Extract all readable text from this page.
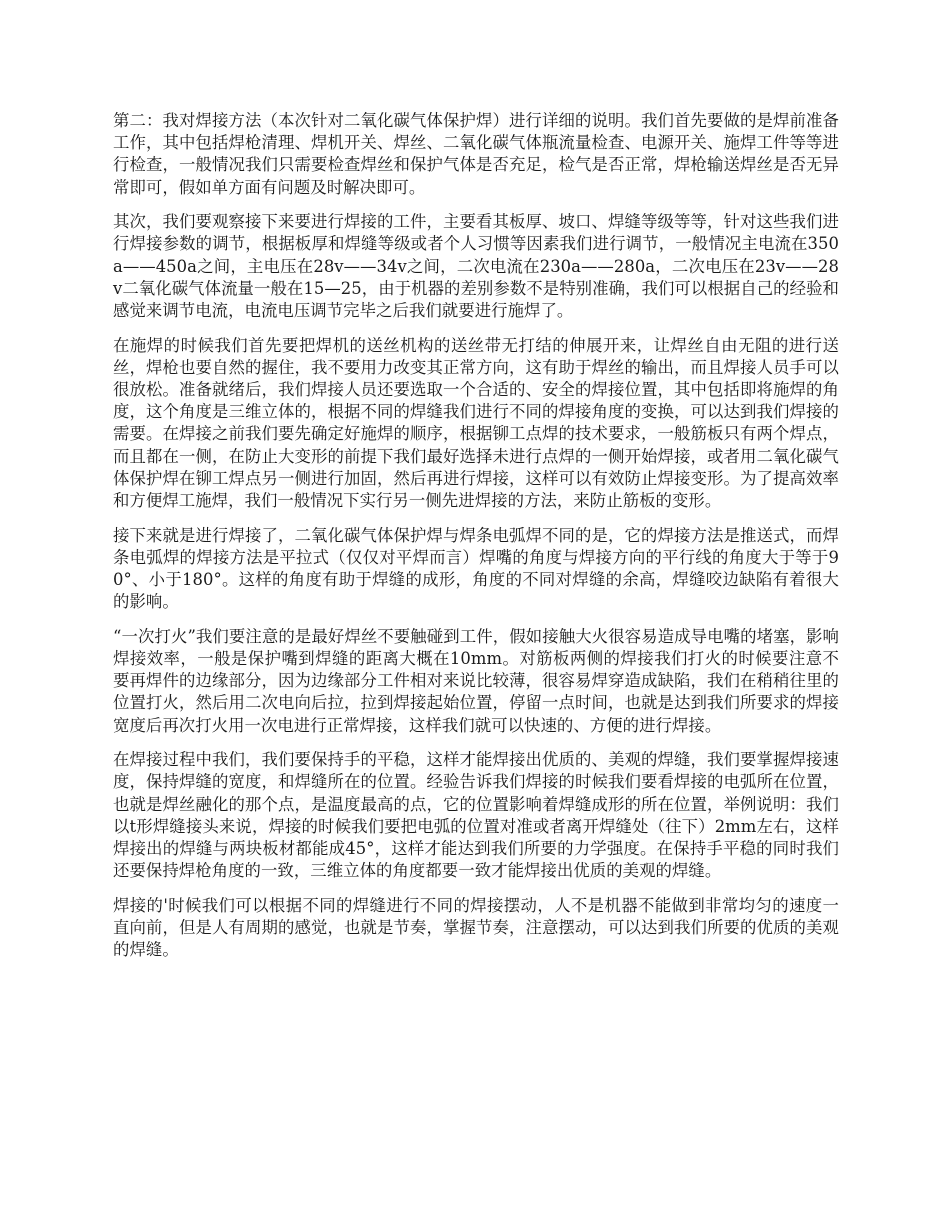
第二：我对焊接方法（本次针对二氧化碳气体保护焊）进行详细的说明。我们首先要做的是焊前准备工作，其中包括焊枪清理、焊机开关、焊丝、二氧化碳气体瓶流量检查、电源开关、施焊工件等等进行检查，一般情况我们只需要检查焊丝和保护气体是否充足，检气是否正常，焊枪输送焊丝是否无异常即可，假如单方面有问题及时解决即可。

其次，我们要观察接下来要进行焊接的工件，主要看其板厚、坡口、焊缝等级等等，针对这些我们进行焊接参数的调节，根据板厚和焊缝等级或者个人习惯等因素我们进行调节，一般情况主电流在350a——450a之间，主电压在28v——34v之间，二次电流在230a——280a，二次电压在23v——28v二氧化碳气体流量一般在15—25，由于机器的差别参数不是特别准确，我们可以根据自己的经验和感觉来调节电流，电流电压调节完毕之后我们就要进行施焊了。

在施焊的时候我们首先要把焊机的送丝机构的送丝带无打结的伸展开来，让焊丝自由无阻的进行送丝，焊枪也要自然的握住，我不要用力改变其正常方向，这有助于焊丝的输出，而且焊接人员手可以很放松。准备就绪后，我们焊接人员还要选取一个合适的、安全的焊接位置，其中包括即将施焊的角度，这个角度是三维立体的，根据不同的焊缝我们进行不同的焊接角度的变换，可以达到我们焊接的需要。在焊接之前我们要先确定好施焊的顺序，根据铆工点焊的技术要求，一般筋板只有两个焊点，而且都在一侧，在防止大变形的前提下我们最好选择未进行点焊的一侧开始焊接，或者用二氧化碳气体保护焊在铆工焊点另一侧进行加固，然后再进行焊接，这样可以有效防止焊接变形。为了提高效率和方便焊工施焊，我们一般情况下实行另一侧先进焊接的方法，来防止筋板的变形。

接下来就是进行焊接了，二氧化碳气体保护焊与焊条电弧焊不同的是，它的焊接方法是推送式，而焊条电弧焊的焊接方法是平拉式（仅仅对平焊而言）焊嘴的角度与焊接方向的平行线的角度大于等于90°、小于180°。这样的角度有助于焊缝的成形，角度的不同对焊缝的余高，焊缝咬边缺陷有着很大的影响。

“一次打火”我们要注意的是最好焊丝不要触碰到工件，假如接触大火很容易造成导电嘴的堵塞，影响焊接效率，一般是保护嘴到焊缝的距离大概在10mm。对筋板两侧的焊接我们打火的时候要注意不要再焊件的边缘部分，因为边缘部分工件相对来说比较薄，很容易焊穿造成缺陷，我们在稍稍往里的位置打火，然后用二次电向后拉，拉到焊接起始位置，停留一点时间，也就是达到我们所要求的焊接宽度后再次打火用一次电进行正常焊接，这样我们就可以快速的、方便的进行焊接。

在焊接过程中我们，我们要保持手的平稳，这样才能焊接出优质的、美观的焊缝，我们要掌握焊接速度，保持焊缝的宽度，和焊缝所在的位置。经验告诉我们焊接的时候我们要看焊接的电弧所在位置，也就是焊丝融化的那个点，是温度最高的点，它的位置影响着焊缝成形的所在位置，举例说明：我们以t形焊缝接头来说，焊接的时候我们要把电弧的位置对准或者离开焊缝处（往下）2mm左右，这样焊接出的焊缝与两块板材都能成45°，这样才能达到我们所要的力学强度。在保持手平稳的同时我们还要保持焊枪角度的一致，三维立体的角度都要一致才能焊接出优质的美观的焊缝。

焊接的'时候我们可以根据不同的焊缝进行不同的焊接摆动，人不是机器不能做到非常均匀的速度一直向前，但是人有周期的感觉，也就是节奏，掌握节奏，注意摆动，可以达到我们所要的优质的美观的焊缝。
